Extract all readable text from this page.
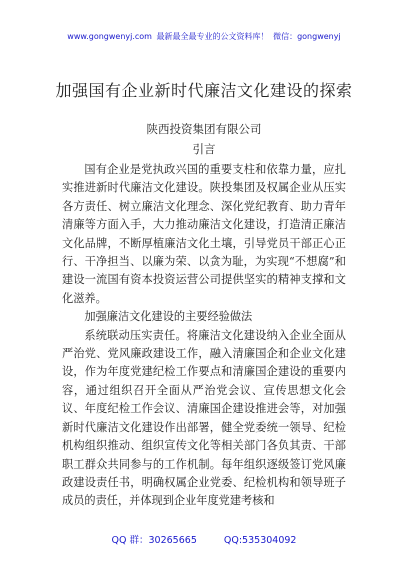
www.gongwenyj.com 最新最全最专业的公文资料库！ 微信：gongwenyj
加强国有企业新时代廉洁文化建设的探索
陕西投资集团有限公司
引言

国有企业是党执政兴国的重要支柱和依靠力量，应扎实推进新时代廉洁文化建设。陕投集团及权属企业从压实各方责任、树立廉洁文化理念、深化党纪教育、助力青年清廉等方面入手，大力推动廉洁文化建设，打造清正廉洁文化品牌，不断厚植廉洁文化土壤，引导党员干部正心正行、干净担当、以廉为荣、以贪为耻，为实现“不想腐”和建设一流国有资本投资运营公司提供坚实的精神支撑和文化滋养。

加强廉洁文化建设的主要经验做法

系统联动压实责任。将廉洁文化建设纳入企业全面从严治党、党风廉政建设工作，融入清廉国企和企业文化建设，作为年度党建纪检工作要点和清廉国企建设的重要内容，通过组织召开全面从严治党会议、宣传思想文化会议、年度纪检工作会议、清廉国企建设推进会等，对加强新时代廉洁文化建设作出部署，健全党委统一领导、纪检机构组织推动、组织宣传文化等相关部门各负其责、干部职工群众共同参与的工作机制。每年组织逐级签订党风廉政建设责任书，明确权属企业党委、纪检机构和领导班子成员的责任，并体现到企业年度党建考核和

QQ 群：30265665	QQ:535304092
